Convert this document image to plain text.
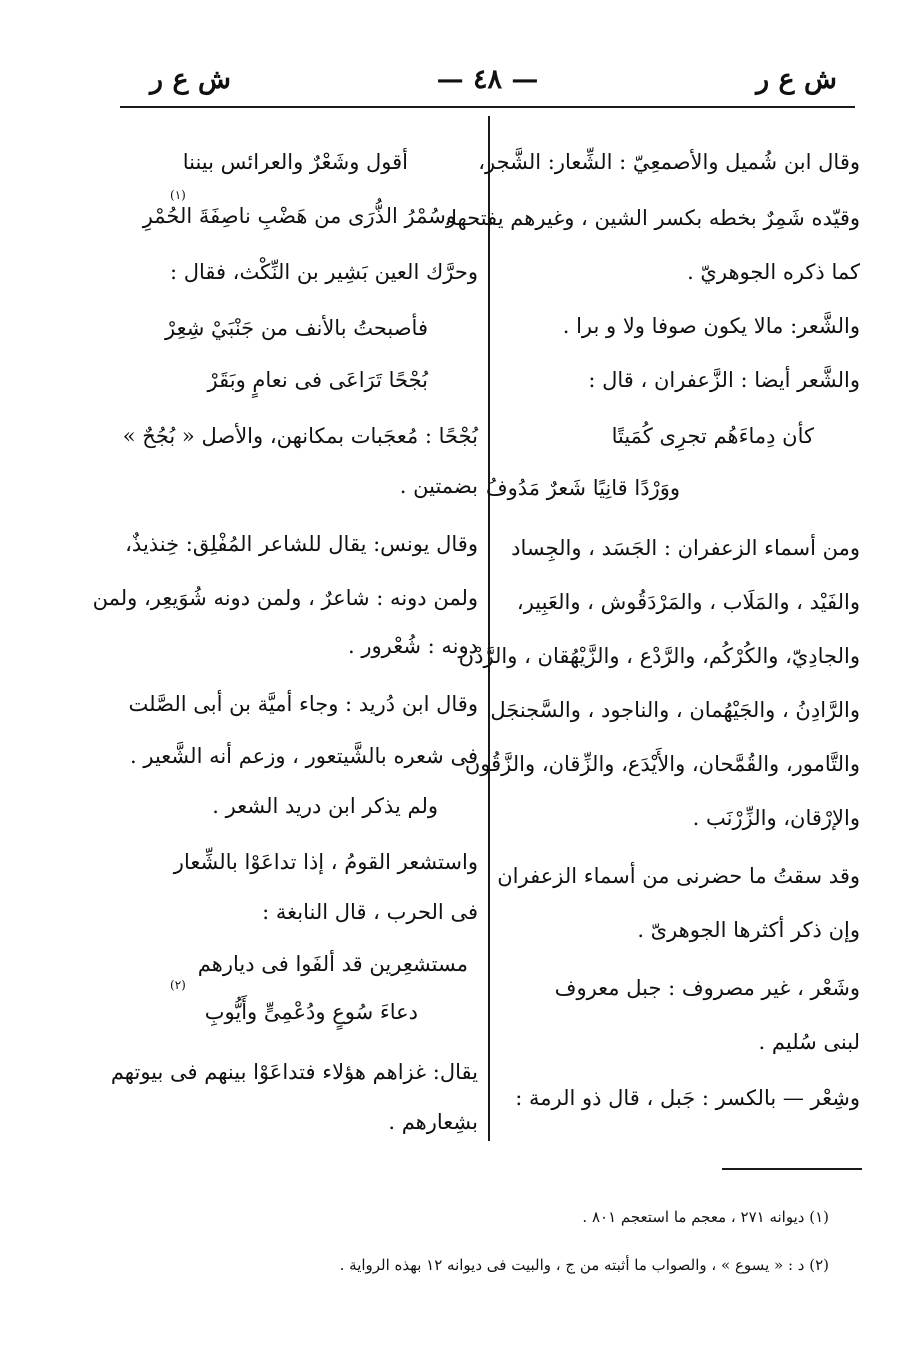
ش ع ر
— ٤٨ —
ش ع ر
وقال ابن شُميل والأصمعِيّ : الشِّعار: الشَّجر،
وقيّده شَمِرٌ بخطه بكسر الشين ، وغيرهم يفتحها،
كما ذكره الجوهريّ .
والشَّعر: مالا يكون صوفا ولا و برا .
والشَّعر أيضا : الزَّعفران ، قال :
كأن دِماءَهُم تجرِى كُمَيتًا
ووَرْدًا قانِيًا شَعرٌ مَدُوفُ
ومن أسماء الزعفران : الجَسَد ، والجِساد
والفَيْد ، والمَلَاب ، والمَرْدَقُوش ، والعَبِير،
والجادِيّ، والكُرْكُم، والرَّدْع ، والزَّيْهُقان ، والرَّدْن
والرَّادِنُ ، والجَيْهُمان ، والناجود ، والسَّجنجَل
والتَّامور، والقُمَّحان، والأَيْدَع، والزِّقان، والزَّقُون
والإرْقان، والزِّرْنَب .
وقد سقتُ ما حضرنى من أسماء الزعفران
وإن ذكر أكثرها الجوهرىّ .
وشَعْر ، غير مصروف : جبل معروف
لبنى سُليم .
وشِعْر — بالكسر : جَبل ، قال ذو الرمة :
أقول وشَعْرٌ والعرائس بيننا
وسُمْرُ الذُّرَى من هَضْبِ ناصِفَةَ الحُمْرِ
(١)
وحرَّك العين بَشِير بن النِّكْث، فقال :
فأصبحتُ بالأنف من جَنْبَيْ شِعِرْ
بُجْحًا تَرَاعَى فى نعامٍ وبَقَرْ
بُجْحًا : مُعجَبات بمكانهن، والأصل « بُجُحٌ »
بضمتين .
وقال يونس: يقال للشاعر المُفْلِق: خِنذيذٌ،
ولمن دونه : شاعرٌ ، ولمن دونه شُوَيعِر، ولمن
دونه : شُعْرور .
وقال ابن دُريد : وجاء أميَّة بن أبى الصَّلت
فى شعره بالشَّيتعور ، وزعم أنه الشَّعير .
ولم يذكر ابن دريد الشعر .
واستشعر القومُ ، إذا تداعَوْا بالشِّعار
فى الحرب ، قال النابغة :
مستشعِرين قد ألفَوا فى ديارهم
دعاءَ سُوعٍ ودُعْمِىٍّ وأَيُّوبِ
(٢)
يقال: غزاهم هؤلاء فتداعَوْا بينهم فى بيوتهم
بشِعارهم .
(١) ديوانه ٢٧١ ، معجم ما استعجم ٨٠١ .
(٢) د : « يسوع » ، والصواب ما أثبته من ج ، والبيت فى ديوانه ١٢ بهذه الرواية .
